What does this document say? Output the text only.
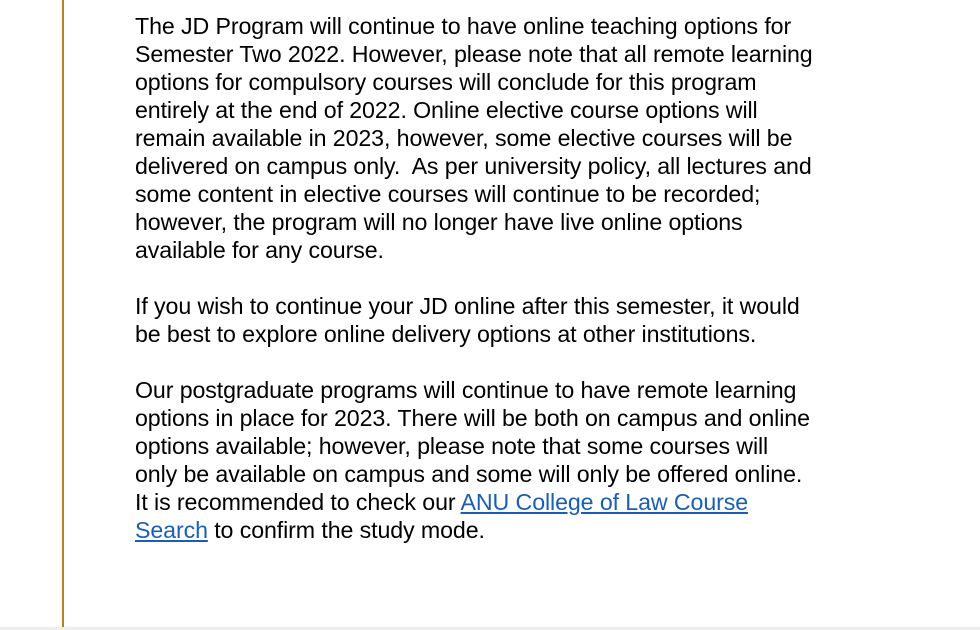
The JD Program will continue to have online teaching options for Semester Two 2022. However, please note that all remote learning options for compulsory courses will conclude for this program entirely at the end of 2022. Online elective course options will remain available in 2023, however, some elective courses will be delivered on campus only.  As per university policy, all lectures and some content in elective courses will continue to be recorded; however, the program will no longer have live online options available for any course.

If you wish to continue your JD online after this semester, it would be best to explore online delivery options at other institutions.

Our postgraduate programs will continue to have remote learning options in place for 2023. There will be both on campus and online options available; however, please note that some courses will only be available on campus and some will only be offered online. It is recommended to check our ANU College of Law Course Search to confirm the study mode.
